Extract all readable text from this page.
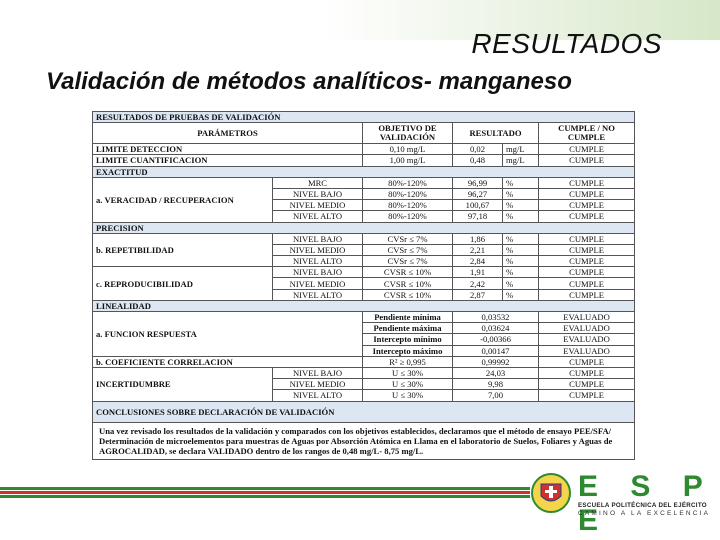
RESULTADOS
Validación de métodos analíticos- manganeso
RESULTADOS DE PRUEBAS DE VALIDACIÓN					
PARÁMETROS		OBJETIVO DE VALIDACIÓN	RESULTADO		CUMPLE / NO CUMPLE
LIMITE DETECCION		0,10 mg/L	0,02	mg/L	CUMPLE
LIMITE CUANTIFICACION		1,00 mg/L	0,48	mg/L	CUMPLE
EXACTITUD					
a. VERACIDAD / RECUPERACION	MRC	80%-120%	96,99	%	CUMPLE
	NIVEL BAJO	80%-120%	96,27	%	CUMPLE
	NIVEL MEDIO	80%-120%	100,67	%	CUMPLE
	NIVEL ALTO	80%-120%	97,18	%	CUMPLE
PRECISION					
b. REPETIBILIDAD	NIVEL BAJO	CVSr ≤ 7%	1,86	%	CUMPLE
	NIVEL MEDIO	CVSr ≤ 7%	2,21	%	CUMPLE
	NIVEL ALTO	CVSr ≤ 7%	2,84	%	CUMPLE
c. REPRODUCIBILIDAD	NIVEL BAJO	CVSR ≤ 10%	1,91	%	CUMPLE
	NIVEL MEDIO	CVSR ≤ 10%	2,42	%	CUMPLE
	NIVEL ALTO	CVSR ≤ 10%	2,87	%	CUMPLE
LINEALIDAD					
a. FUNCION RESPUESTA		Pendiente mínima	0,03532		EVALUADO
		Pendiente máxima	0,03624		EVALUADO
		Intercepto mínimo	-0,00366		EVALUADO
		Intercepto máximo	0,00147		EVALUADO
b. COEFICIENTE CORRELACION		R² ≥ 0,995	0,99992		CUMPLE
INCERTIDUMBRE	NIVEL BAJO	U ≤ 30%	24,03		CUMPLE
	NIVEL MEDIO	U ≤ 30%	9,98		CUMPLE
	NIVEL ALTO	U ≤ 30%	7,00		CUMPLE
CONCLUSIONES SOBRE DECLARACIÓN DE VALIDACIÓN					
Una vez revisado los resultados de la validación y comparados con los objetivos establecidos, declaramos que el método de ensayo PEE/SFA/ Determinación de microelementos para muestras de Aguas por Absorción Atómica en Llama en el laboratorio de Suelos, Foliares y Aguas de AGROCALIDAD, se declara VALIDADO dentro de los rangos de 0,48 mg/L- 8,75 mg/L.					
E S P E
ESCUELA POLITÉCNICA DEL EJÉRCITO
CAMINO A LA EXCELENCIA
